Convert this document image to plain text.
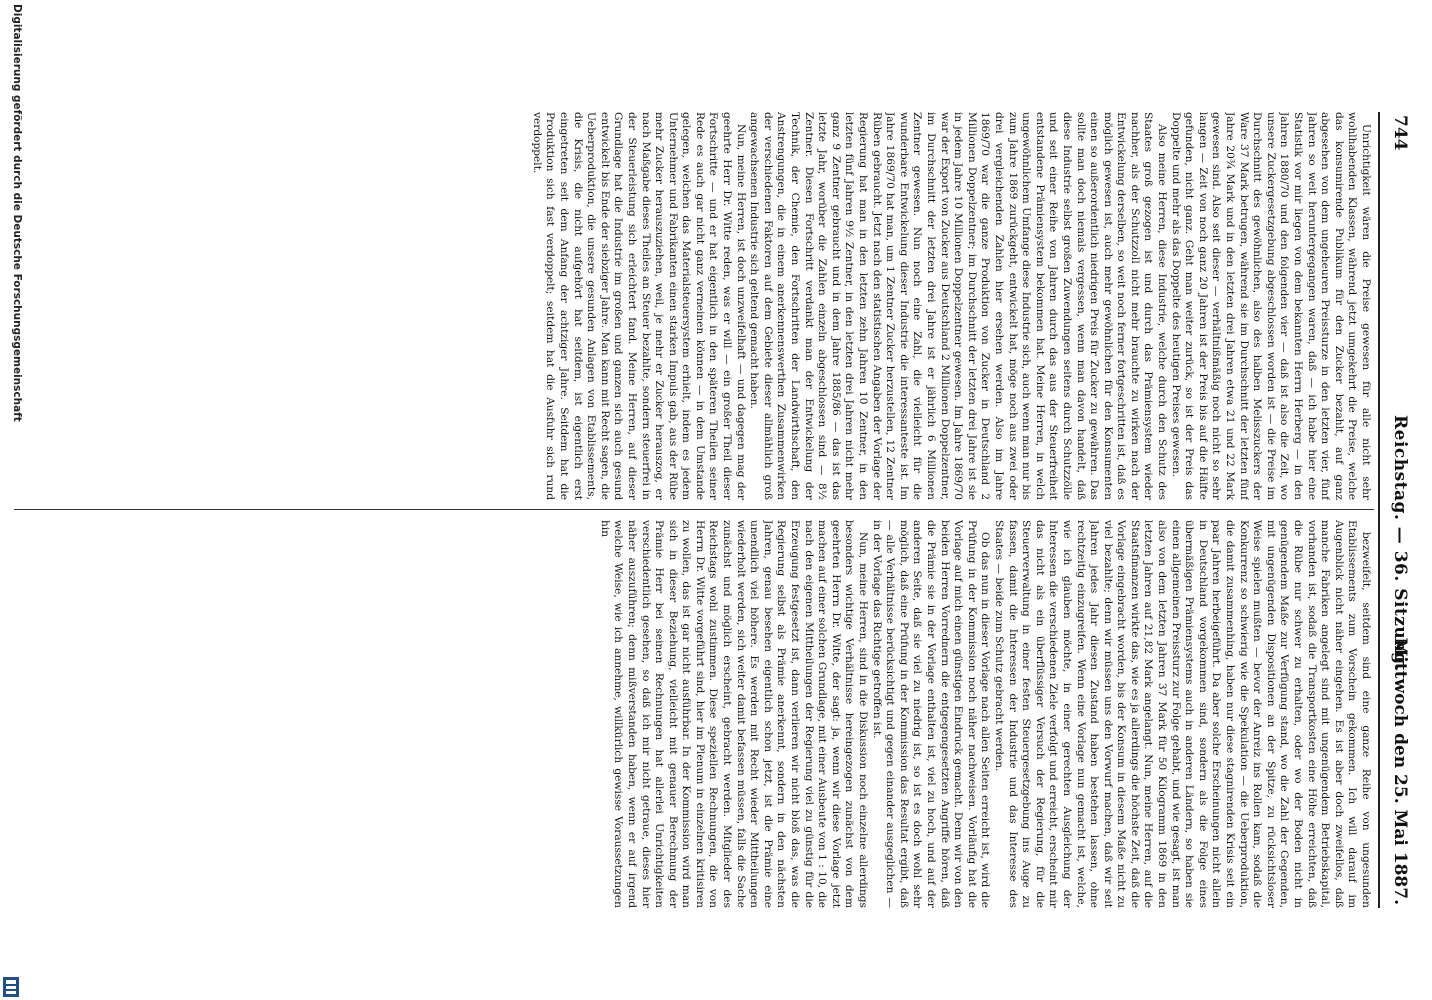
744
Reichstag. — 36. Sitzung.
Mittwoch den 25. Mai 1887.

Unrichtigkeit wären die Preise gewesen für alle nicht sehr wohlhabenden Klassen, während jetzt umgekehrt die Preise, welche das konsumirende Publikum für den Zucker bezahlt, auf ganz abgesehen von dem ungeheuren Preissturze in den letzten vier, fünf Jahren so weit heruntergegangen waren, daß — ich habe hier eine Statistik vor mir liegen von dem bekannten Herrn Herberg — in den Jahren 1880/70 und den folgenden vier — daß ist also die Zeit, wo unsere Zuckergesetzgebung abgeschlossen worden ist — die Preise im Durchschnitt des gewöhnlichen, also des halben Melisszuckers der Ware 37 Mark betrugen, während sie im Durchschnitt der letzten fünf Jahre 20¾ Mark und in den letzten drei Jahren etwa 21 und 22 Mark gewesen sind. Also seit dieser — verhältnißmäßig noch nicht so sehr langen — Zeit von noch ganz 20 Jahren ist der Preis bis auf die Hälfte gefunden, nicht ganz. Geht man weiter zurück, so ist der Preis das Doppelte und mehr als das Doppelte des heutigen Preises gewesen.

Also meine Herren, diese Industrie, welche durch den Schutz des Staates groß gezogen ist und durch das Prämiensystem wieder nachher, als der Schutzzoll nicht mehr brauchte zu wirken nach der Entwickelung derselben, so weit noch ferner fortgeschritten ist, daß es möglich gewesen ist, auch mehr gewöhnlichen für den Konsumenten einen so außerordentlich niedrigen Preis für Zucker zu gewähren. Das sollte man doch niemals vergessen, wenn man davon handelt, daß diese Industrie selbst großen Zuwendungen seitens durch Schutzzölle und seit einer Reihe von Jahren durch das aus der Steuerfreiheit entstandene Prämiensystem bekommen hat. Meine Herren, in welch ungewöhnlichem Umfange diese Industrie sich, auch wenn man nur bis zum Jahre 1869 zurückgeht, entwickelt hat, möge noch aus zwei oder drei vergleichenden Zahlen hier ersehen werden. Also im Jahre 1869/70 war die ganze Produktion von Zucker in Deutschland 2 Millionen Doppelzentner; im Durchschnitt der letzten drei Jahre ist sie in jedem Jahre 10 Millionen Doppelzentner gewesen. Im Jahre 1869/70 war der Export von Zucker aus Deutschland 2 Millionen Doppelzentner, im Durchschnitt der letzten drei Jahre ist er jährlich 6 Millionen Zentner gewesen. Nun noch eine Zahl, die vielleicht für die wunderbare Entwickelung dieser Industrie die interessanteste ist. Im Jahre 1869/70 hat man, um 1 Zentner Zucker herzustellen, 12 Zentner Rüben gebraucht. Jetzt nach den statistischen Angaben der Vorlage der Regierung hat man in den letzten zehn Jahren 10 Zentner, in den letzten fünf Jahren 9½ Zentner, in den letzten drei Jahren nicht mehr ganz 9 Zentner gebraucht und in dem Jahre 1885/86 — das ist das letzte Jahr, worüber die Zahlen einzeln abgeschlossen sind — 8½ Zentner. Diesen Fortschritt verdankt man der Entwickelung der Technik, der Chemie, den Fortschritten der Landwirthschaft, den Anstrengungen, die in einem anerkennenswerthen Zusammenwirken der verschiedenen Faktoren auf dem Gebiete dieser allmählich groß angewachsenen Industrie sich geltend gemacht haben.

Nun, meine Herren, ist doch unzweifelhaft — und dagegen mag der geehrte Herr Dr. Witte reden, was er will — ein großer Theil dieser Fortschritte — und er hat eigentlich in den späteren Theilen seiner Rede es auch gar nicht ganz verneinen können — in dem Umstande gelegen, welchen das Materialsteuersystem erhielt, indem es jedem Unternehmer und Fabrikanten einen starken Impuls gab, aus der Rübe mehr Zucker herauszuziehen, weil, je mehr er Zucker herauszog, er nach Maßgabe dieses Theiles an Steuer bezahlte, sondern steuerfrei in der Steuerleistung sich erleichtert fand. Meine Herren, auf dieser Grundlage hat die Industrie im großen und ganzen sich auch gesund entwickelt bis Ende der siebziger Jahre. Man kann mit Recht sagen, die Ueberproduktion, die unsere gesunden Anlagen von Etablissements, die Krisis, die nicht aufgehört hat seitdem, ist eigentlich erst eingetreten seit dem Anfang der achtziger Jahre. Seitdem hat die Produktion sich fast verdoppelt; seitdem hat die Ausfuhr sich rund verdoppelt.

bezweifelt, seitdem sind eine ganze Reihe von ungesunden Etablissements zum Vorschein gekommen. Ich will darauf im Augenblick nicht näher eingehen. Es ist aber doch zweifellos, daß manche Fabriken angelegt sind mit ungenügendem Betriebskapital, vorhanden ist, sodaß die Transportkosten eine Höhe erreichten, daß die Rübe nur schwer zu erhalten, oder wo der Boden nicht in genügendem Maße zur Verfügung stand, wo die Zahl der Gegenden, mit ungenügenden Dispositionen an der Spitze, zu rücksichtsloser Weise spielen mußten — bevor der Anreiz ins Rollen kam, sodaß die Konkurrenz so schwierig wie die Spekulation — die Ueberproduktion, die damit zusammenhing, haben nur diese stagnirenden Krisis seit ein paar Jahren herbeigeführt. Da aber solche Erscheinungen nicht allein in Deutschland vorgekommen sind, sondern als die Folge eines übermäßigen Prämiensystems auch in anderen Ländern, so haben sie einen allgemeinen Preissturz zur Folge gehabt, und wie gesagt, ist man also von dem letzten Jahren 37 Mark für 50 Kilogramm 1869 in den letzten Jahren auf 21,82 Mark angelangt. Nun, meine Herren, auf die Staatsfinanzen wirkte das, wie es ja allerdings die höchste Zeit, daß die Vorlage eingebracht worden, bis der Konsum in diesem Maße nicht zu viel bezahlte; denn wir müssen uns den Vorwurf machen, daß wir seit Jahren jedes Jahr diesen Zustand haben bestehen lassen, ohne rechtzeitig einzugreifen. Wenn eine Vorlage nun gemacht ist, welche, wie ich glauben möchte, in einer gerechten Ausgleichung der Interessen die verschiedenen Ziele verfolgt und erreicht, erscheint mir das nicht als ein überflüssiger Versuch der Regierung, für die Steuerverwaltung in einer festen Steuergesetzgebung ins Auge zu fassen, damit die Interessen der Industrie und das Interesse des Staates — beide zum Schutz gebracht werden.

Ob das nun in dieser Vorlage nach allen Seiten erreicht ist, wird die Prüfung in der Kommission noch näher nachweisen. Vorläufig hat die Vorlage auf mich einen günstigen Eindruck gemacht. Denn wir von den beiden Herren Vorrednern die entgegengesetzten Angriffe hören, daß die Prämie sie in der Vorlage enthalten ist, viel zu hoch, und auf der anderen Seite, daß sie viel zu niedrig ist, so ist es doch wohl sehr möglich, daß eine Prüfung in der Kommission das Resultat ergibt, daß — alle Verhältnisse berücksichtigt und gegen einander ausgeglichen — in der Vorlage das Richtige getroffen ist.

Nun, meine Herren, sind in die Diskussion noch einzelne allerdings besonders wichtige Verhältnisse hereingezogen zunächst von dem geehrten Herrn Dr. Witte, der sagt: ja, wenn wir diese Vorlage jetzt machen auf einer solchen Grundlage, mit einer Ausbeute von 1 : 10, die nach den eigenen Mittheilungen der Regierung viel zu günstig für die Erzeugung festgesetzt ist, dann verlieren wir nicht bloß das, was die Regierung selbst als Prämie anerkennt, sondern in den nächsten Jahren, genau besehen eigentlich schon jetzt, ist die Prämie eine unendlich viel höhere. Es werden mit Recht wieder Mittheilungen wiederholt werden, sich weiter damit befassen müssen, falls die Sache zunächst und möglich erscheint, gebracht werden. Mitglieder des Reichstags wohl zustimmen. Diese speziellen Rechnungen, die von Herrn Dr. Witte vorgeführt sind, hier im Plenum in einzelnen kritisiren zu wollen, das ist gar nicht ausführbar. In der Kommission wird man sich in dieser Beziehung, vielleicht mit genauer Berechnung der Prämie Herr bei seinen Rechnungen hat allerlei Unrichtigkeiten verschiedentlich gesehen, so daß ich mir nicht getraue, dieses hier näher auszuführen; denn mißverstanden haben, wenn er auf irgend welche Weise, wie ich annehme, willkürlich gewisse Voraussetzungen hin

Digitalisierung gefördert durch die Deutsche Forschungsgemeinschaft
